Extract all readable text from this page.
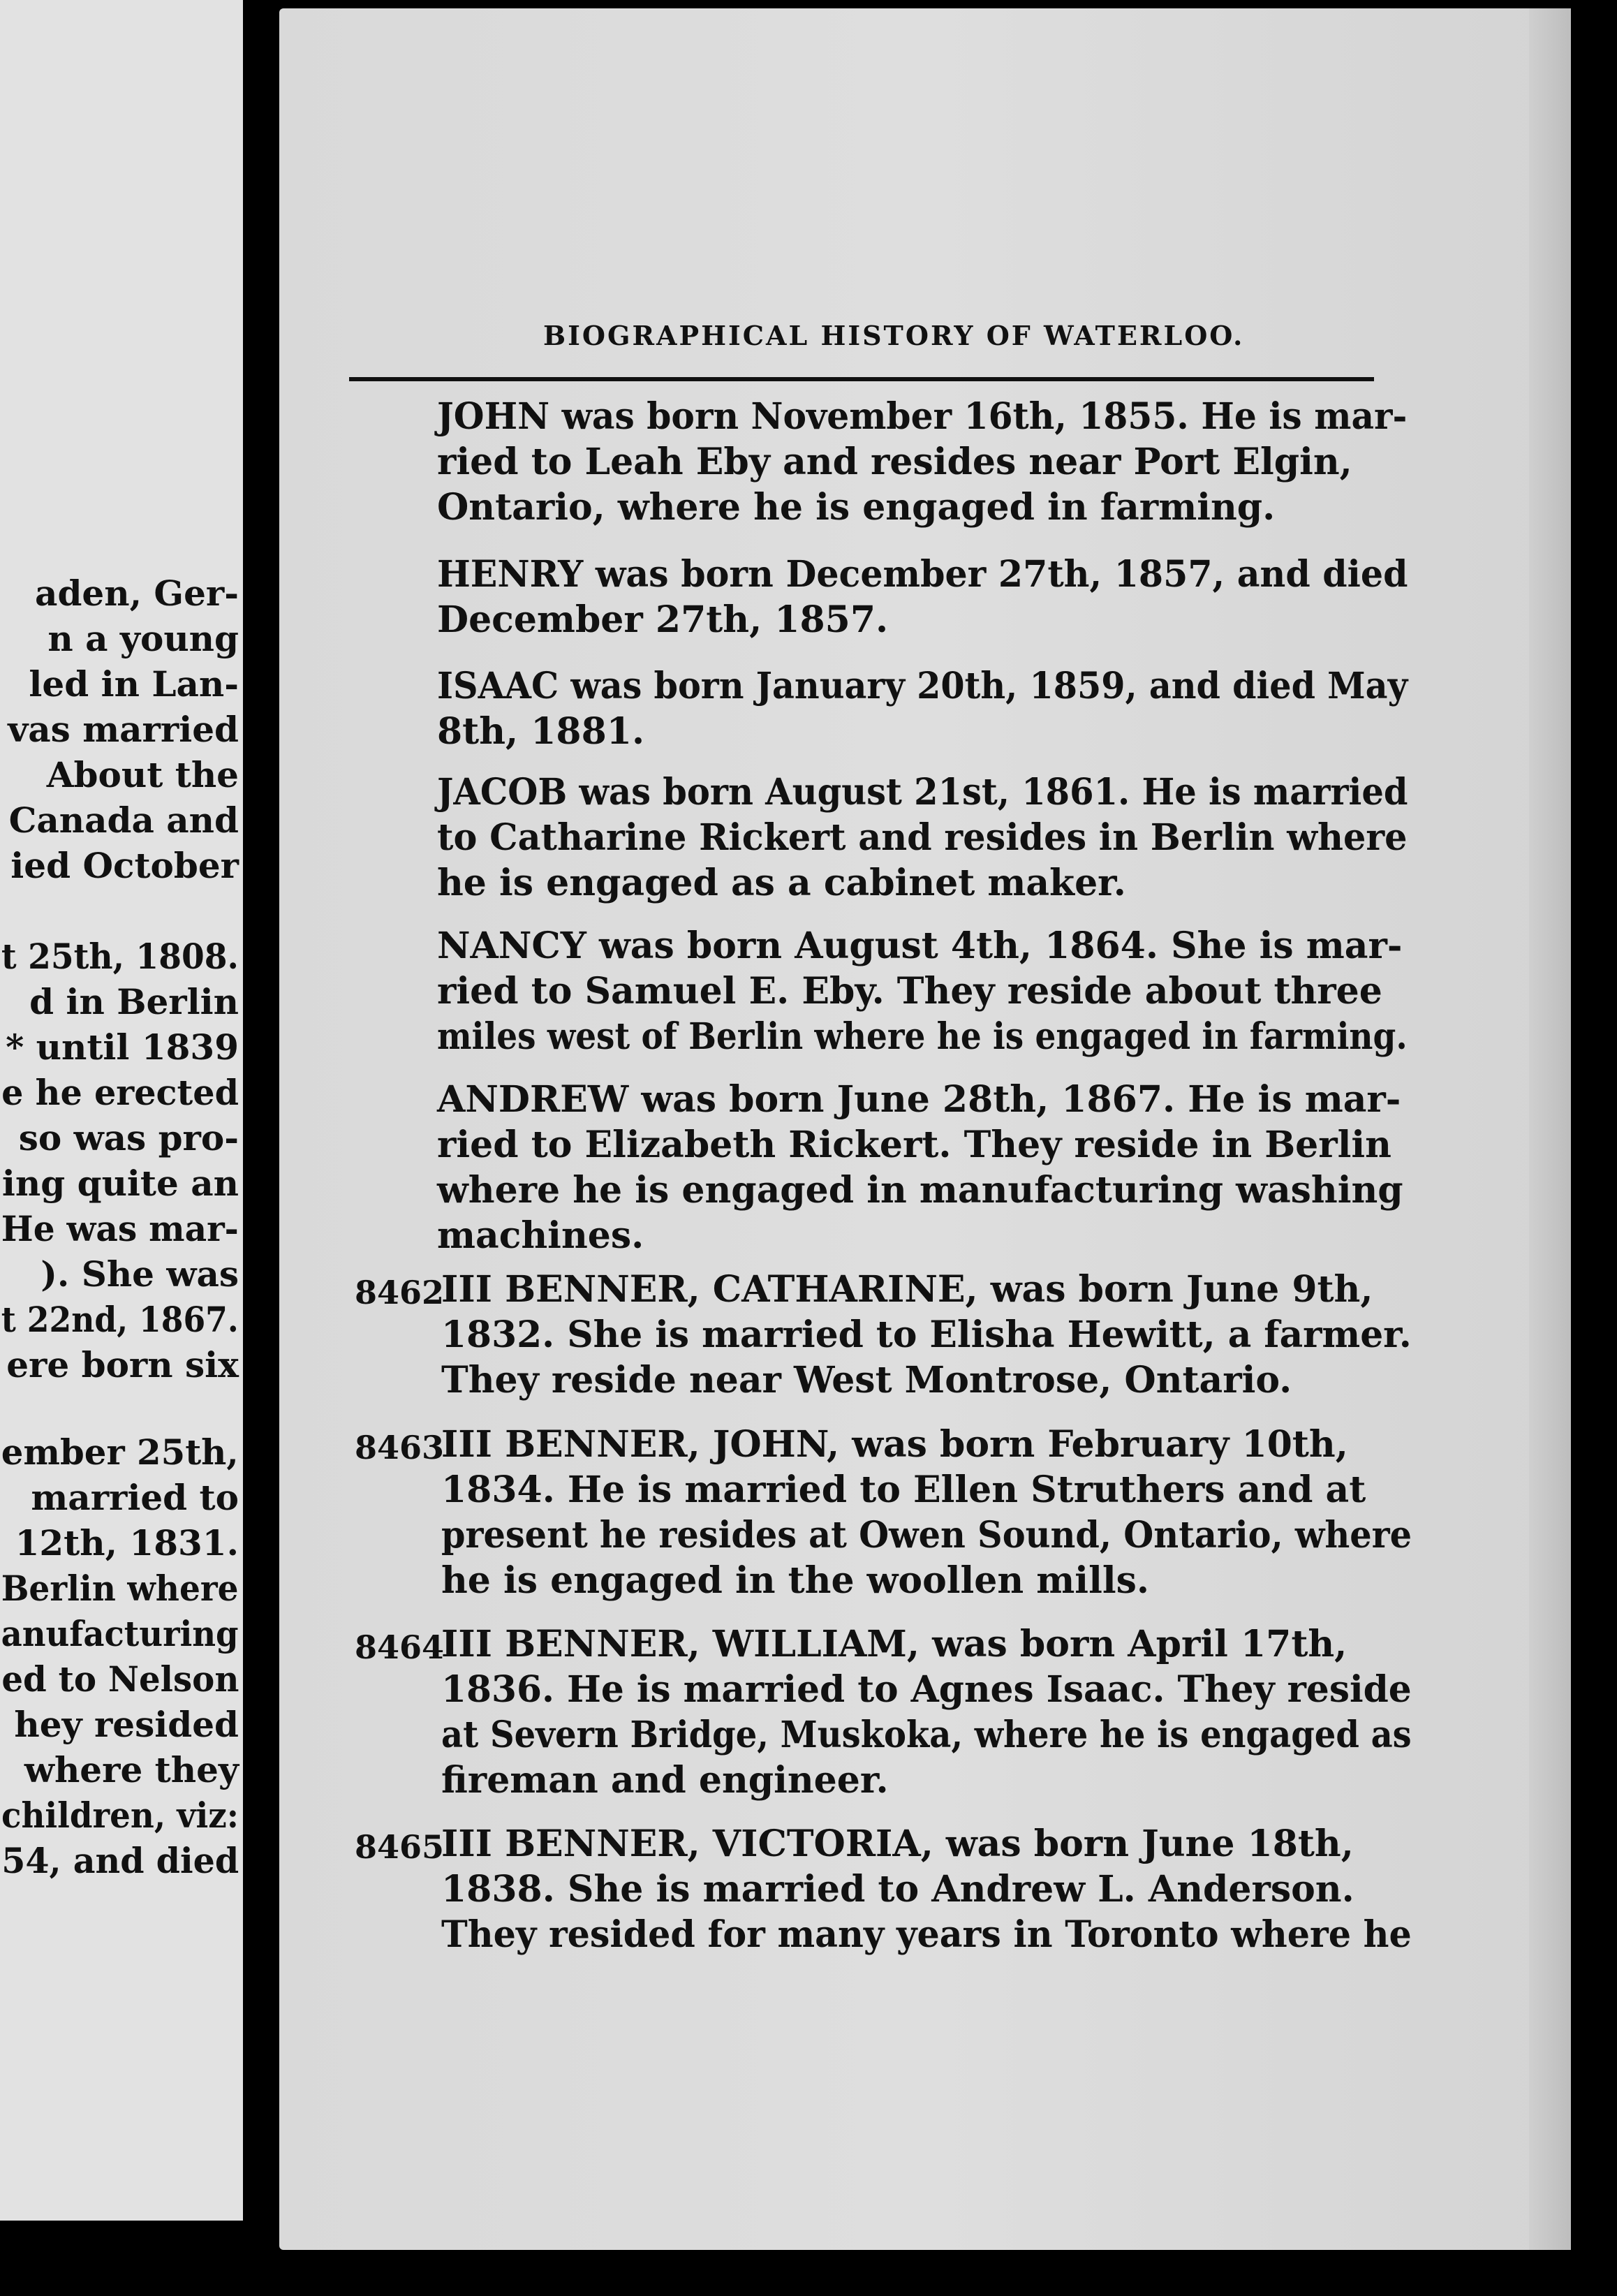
aden, Ger-
n a young
led in Lan-
vas married
About the
Canada and
ied October
t 25th, 1808.
d in Berlin
* until 1839
e he erected
so was pro-
ing quite an
He was mar-
). She was
t 22nd, 1867.
ere born six
ember 25th,
married to
12th, 1831.
Berlin where
anufacturing
ed to Nelson
hey resided
where they
children, viz:
54, and died
BIOGRAPHICAL HISTORY OF WATERLOO.
JOHN was born November 16th, 1855. He is mar-
ried to Leah Eby and resides near Port Elgin,
Ontario, where he is engaged in farming.
HENRY was born December 27th, 1857, and died
December 27th, 1857.
ISAAC was born January 20th, 1859, and died May
8th, 1881.
JACOB was born August 21st, 1861. He is married
to Catharine Rickert and resides in Berlin where
he is engaged as a cabinet maker.
NANCY was born August 4th, 1864. She is mar-
ried to Samuel E. Eby. They reside about three
miles west of Berlin where he is engaged in farming.
ANDREW was born June 28th, 1867. He is mar-
ried to Elizabeth Rickert. They reside in Berlin
where he is engaged in manufacturing washing
machines.
8462
III BENNER, CATHARINE, was born June 9th,
1832. She is married to Elisha Hewitt, a farmer.
They reside near West Montrose, Ontario.
8463
III BENNER, JOHN, was born February 10th,
1834. He is married to Ellen Struthers and at
present he resides at Owen Sound, Ontario, where
he is engaged in the woollen mills.
8464
III BENNER, WILLIAM, was born April 17th,
1836. He is married to Agnes Isaac. They reside
at Severn Bridge, Muskoka, where he is engaged as
fireman and engineer.
8465
III BENNER, VICTORIA, was born June 18th,
1838. She is married to Andrew L. Anderson.
They resided for many years in Toronto where he
